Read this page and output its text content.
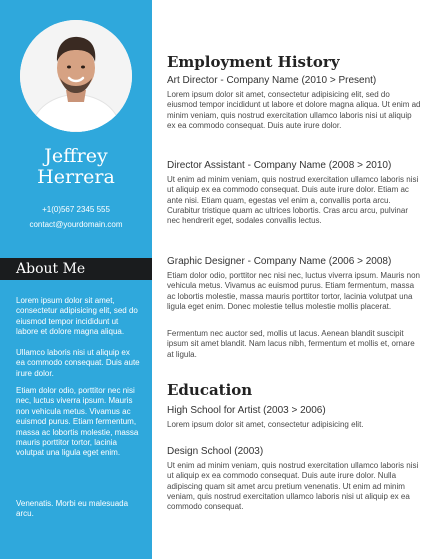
Jeffrey
Herrera
+1(0)567 2345 555
contact@yourdomain.com
About Me

Lorem ipsum dolor sit amet, consectetur adipisicing elit, sed do eiusmod tempor incididunt ut labore et dolore magna aliqua.

Ullamco laboris nisi ut aliquip ex ea commodo consequat. Duis aute irure dolor.

Etiam dolor odio, porttitor nec nisi nec, luctus viverra ipsum. Mauris non vehicula metus. Vivamus ac euismod purus. Etiam fermentum, massa ac lobortis molestie, massa mauris porttitor tortor, lacinia volutpat una ligula eget enim.

Venenatis. Morbi eu malesuada arcu.

Employment History

Art Director - Company Name (2010 > Present)

Lorem ipsum dolor sit amet, consectetur adipisicing elit, sed do eiusmod tempor incididunt ut labore et dolore magna aliqua. Ut enim ad minim veniam, quis nostrud exercitation ullamco laboris nisi ut aliquip ex ea commodo consequat. Duis aute irure dolor.

Director Assistant - Company Name (2008 > 2010)

Ut enim ad minim veniam, quis nostrud exercitation ullamco laboris nisi ut aliquip ex ea commodo consequat. Duis aute irure dolor. Etiam ac ante nisi. Etiam quam, egestas vel enim a, convallis porta arcu. Curabitur tristique quam ac ultrices lobortis. Cras arcu arcu, pulvinar nec hendrerit eget, sodales convallis lectus.

Graphic Designer - Company Name (2006 > 2008)

Etiam dolor odio, porttitor nec nisi nec, luctus viverra ipsum. Mauris non vehicula metus. Vivamus ac euismod purus. Etiam fermentum, massa ac lobortis molestie, massa mauris porttitor tortor, lacinia volutpat una ligula eget enim. Donec molestie tellus molestie mollis placerat.

Fermentum nec auctor sed, mollis ut lacus. Aenean blandit suscipit ipsum sit amet blandit. Nam lacus nibh, fermentum et mollis et, ornare at ligula.

Education

High School for Artist (2003 > 2006)

Lorem ipsum dolor sit amet, consectetur adipisicing elit.

Design School (2003)

Ut enim ad minim veniam, quis nostrud exercitation ullamco laboris nisi ut aliquip ex ea commodo consequat. Duis aute irure dolor. Nulla adipiscing quam sit amet arcu pretium venenatis. Ut enim ad minim veniam, quis nostrud exercitation ullamco laboris nisi ut aliquip ex ea commodo consequat.
